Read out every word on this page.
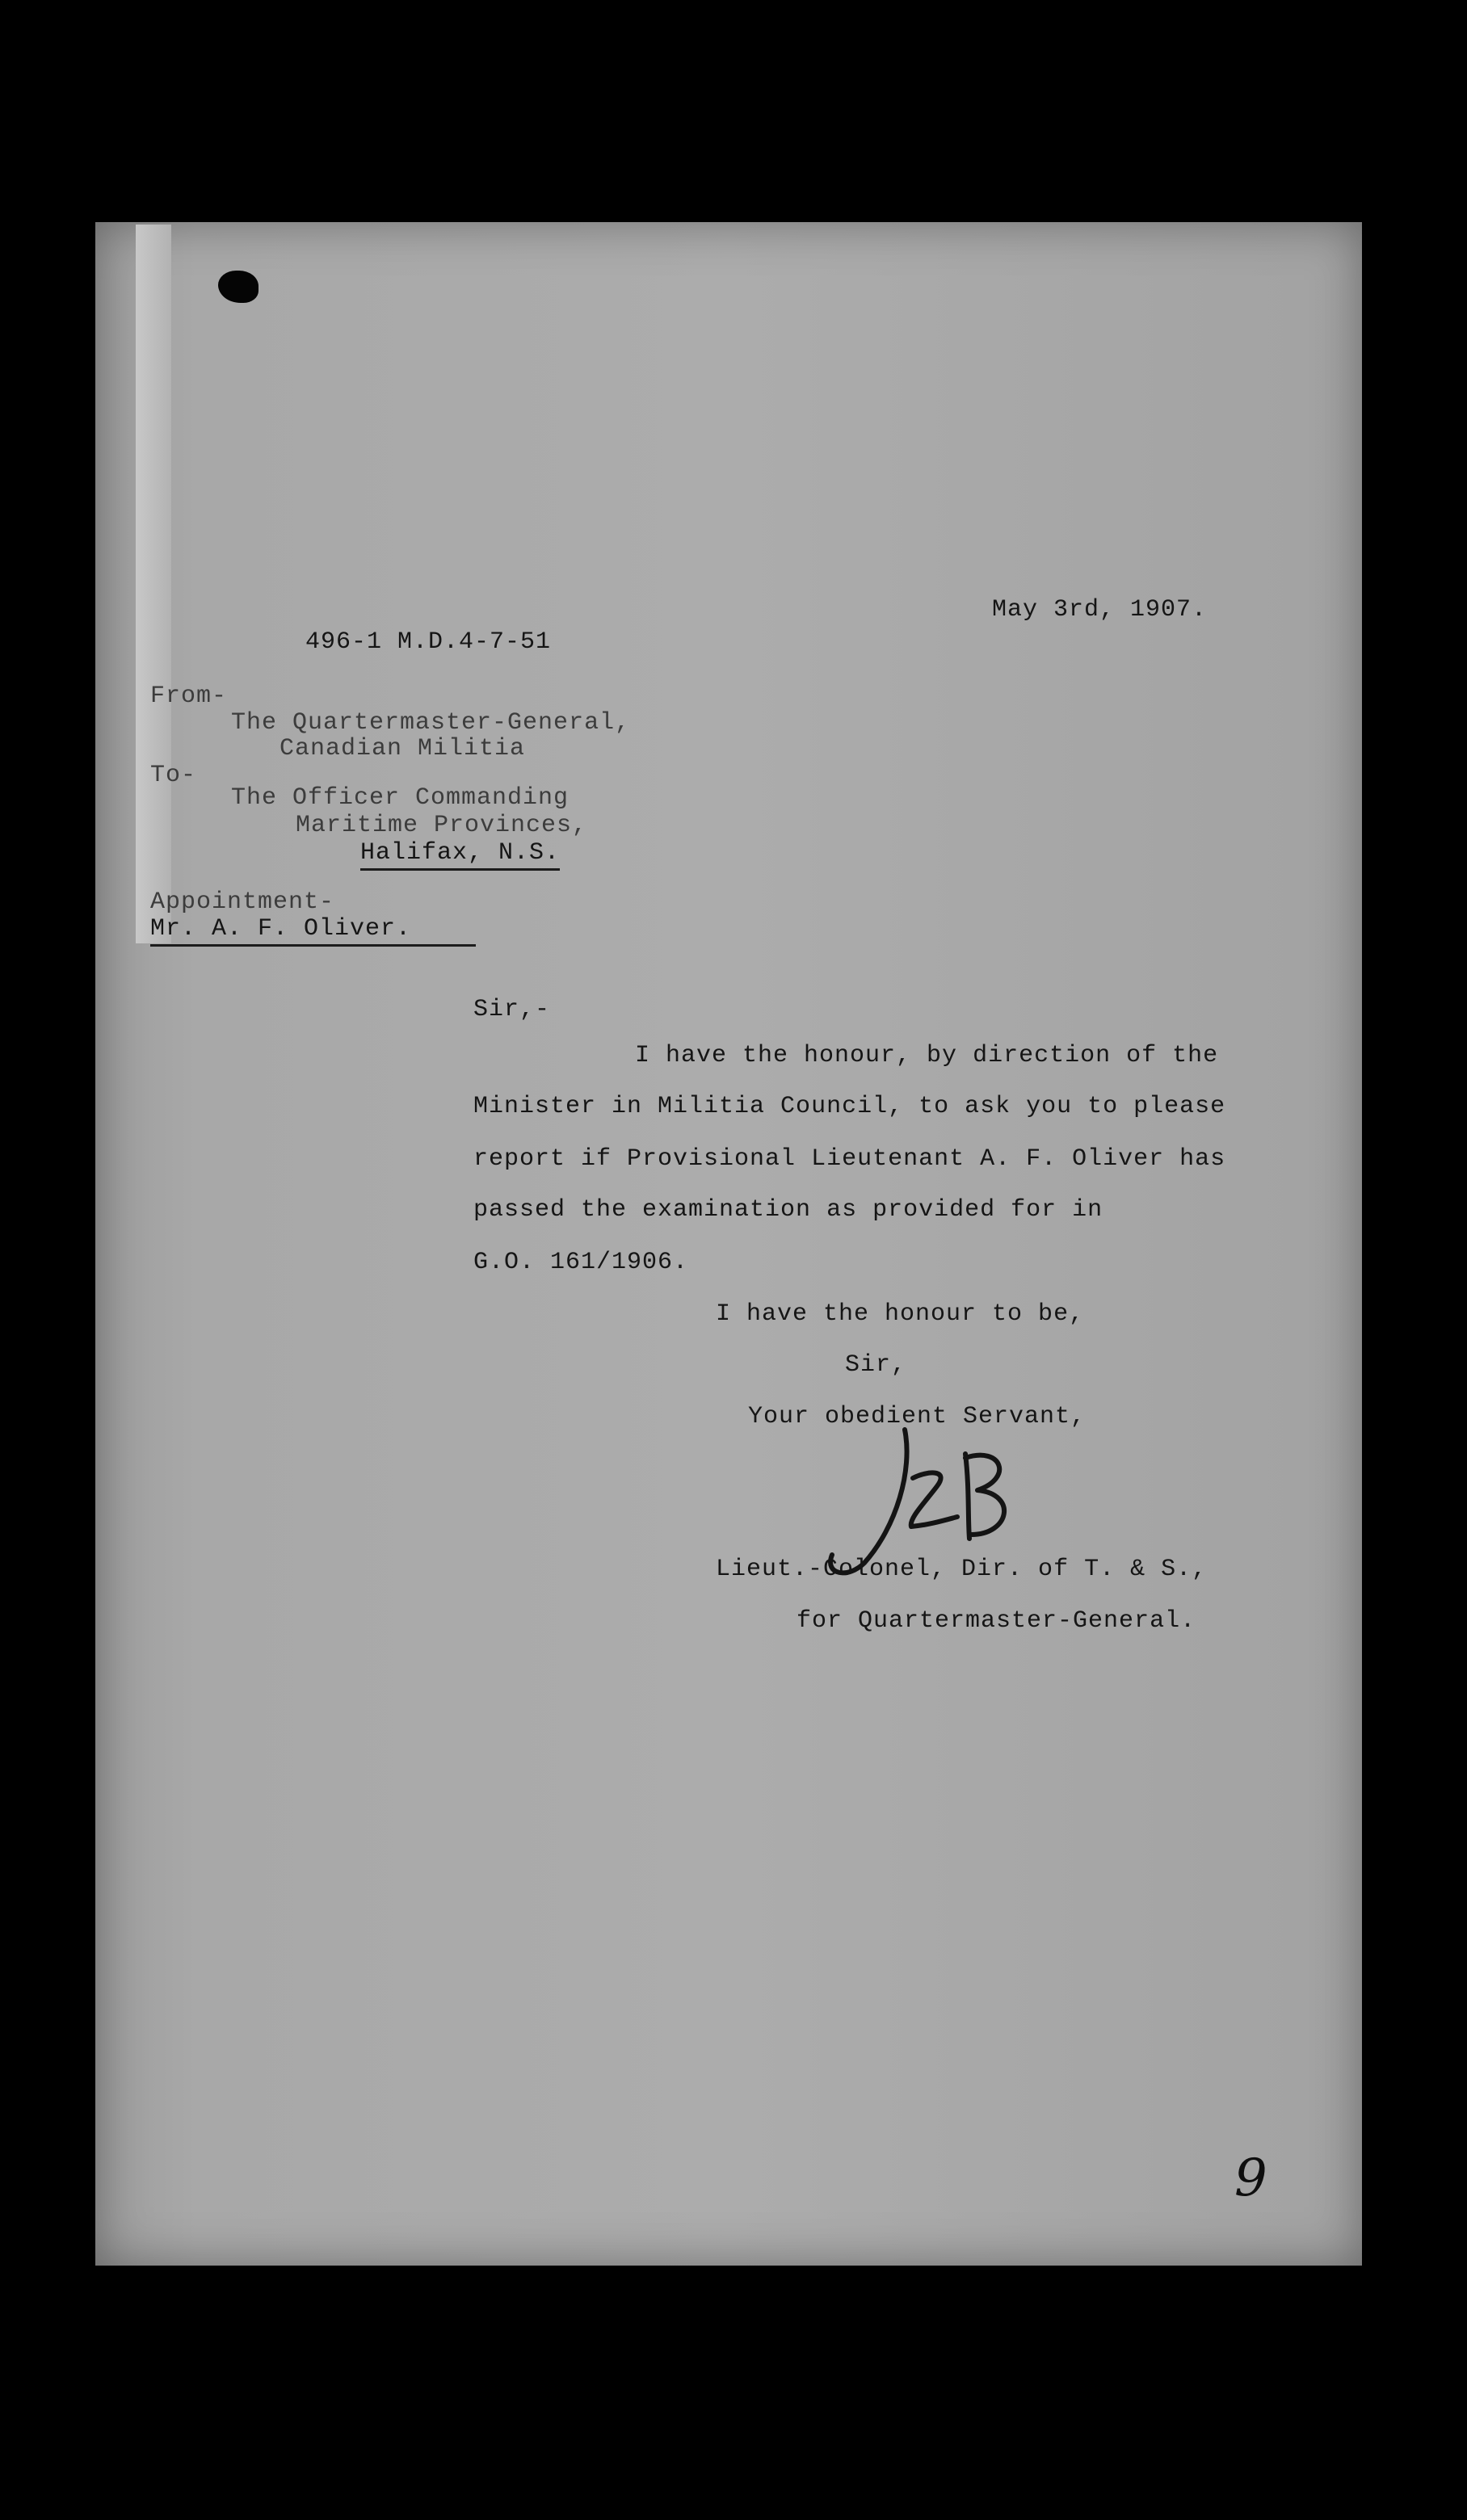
May 3rd, 1907.
496-1 M.D.4-7-51
From-
The Quartermaster-General,
Canadian Militia
To-
The Officer Commanding
Maritime Provinces,
Halifax, N.S.
Appointment-
Mr. A. F. Oliver.
Sir,-
I have the honour, by direction of the
Minister in Militia Council, to ask you to please
report if Provisional Lieutenant A. F. Oliver has
passed the examination as provided for in
G.O. 161/1906.
I have the honour to be,
Sir,
Your obedient Servant,
Lieut.-Colonel, Dir. of T. & S.,
for Quartermaster-General.
9
